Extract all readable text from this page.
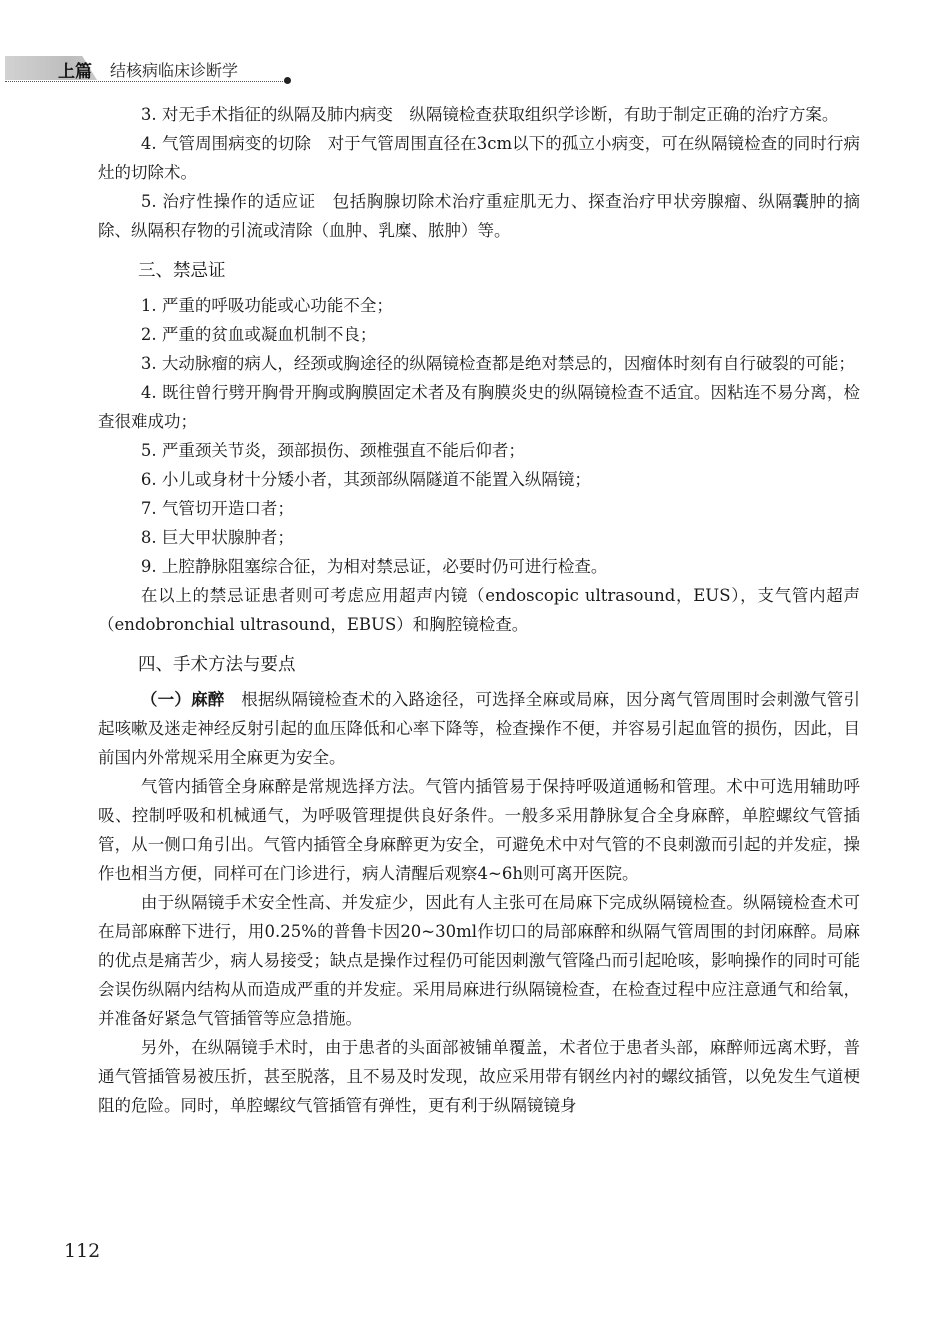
上篇 结核病临床诊断学

3. 对无手术指征的纵隔及肺内病变　纵隔镜检查获取组织学诊断，有助于制定正确的治疗方案。

4. 气管周围病变的切除　对于气管周围直径在3cm以下的孤立小病变，可在纵隔镜检查的同时行病灶的切除术。

5. 治疗性操作的适应证　包括胸腺切除术治疗重症肌无力、探查治疗甲状旁腺瘤、纵隔囊肿的摘除、纵隔积存物的引流或清除（血肿、乳糜、脓肿）等。

三、禁忌证

1. 严重的呼吸功能或心功能不全；

2. 严重的贫血或凝血机制不良；

3. 大动脉瘤的病人，经颈或胸途径的纵隔镜检查都是绝对禁忌的，因瘤体时刻有自行破裂的可能；

4. 既往曾行劈开胸骨开胸或胸膜固定术者及有胸膜炎史的纵隔镜检查不适宜。因粘连不易分离，检查很难成功；

5. 严重颈关节炎，颈部损伤、颈椎强直不能后仰者；

6. 小儿或身材十分矮小者，其颈部纵隔隧道不能置入纵隔镜；

7. 气管切开造口者；

8. 巨大甲状腺肿者；

9. 上腔静脉阻塞综合征，为相对禁忌证，必要时仍可进行检查。

在以上的禁忌证患者则可考虑应用超声内镜（endoscopic ultrasound，EUS），支气管内超声（endobronchial ultrasound，EBUS）和胸腔镜检查。

四、手术方法与要点

（一）麻醉　根据纵隔镜检查术的入路途径，可选择全麻或局麻，因分离气管周围时会刺激气管引起咳嗽及迷走神经反射引起的血压降低和心率下降等，检查操作不便，并容易引起血管的损伤，因此，目前国内外常规采用全麻更为安全。

气管内插管全身麻醉是常规选择方法。气管内插管易于保持呼吸道通畅和管理。术中可选用辅助呼吸、控制呼吸和机械通气，为呼吸管理提供良好条件。一般多采用静脉复合全身麻醉，单腔螺纹气管插管，从一侧口角引出。气管内插管全身麻醉更为安全，可避免术中对气管的不良刺激而引起的并发症，操作也相当方便，同样可在门诊进行，病人清醒后观察4~6h则可离开医院。

由于纵隔镜手术安全性高、并发症少，因此有人主张可在局麻下完成纵隔镜检查。纵隔镜检查术可在局部麻醉下进行，用0.25%的普鲁卡因20~30ml作切口的局部麻醉和纵隔气管周围的封闭麻醉。局麻的优点是痛苦少，病人易接受；缺点是操作过程仍可能因刺激气管隆凸而引起呛咳，影响操作的同时可能会误伤纵隔内结构从而造成严重的并发症。采用局麻进行纵隔镜检查，在检查过程中应注意通气和给氧，并准备好紧急气管插管等应急措施。

另外，在纵隔镜手术时，由于患者的头面部被铺单覆盖，术者位于患者头部，麻醉师远离术野，普通气管插管易被压折，甚至脱落，且不易及时发现，故应采用带有钢丝内衬的螺纹插管，以免发生气道梗阻的危险。同时，单腔螺纹气管插管有弹性，更有利于纵隔镜镜身

112
